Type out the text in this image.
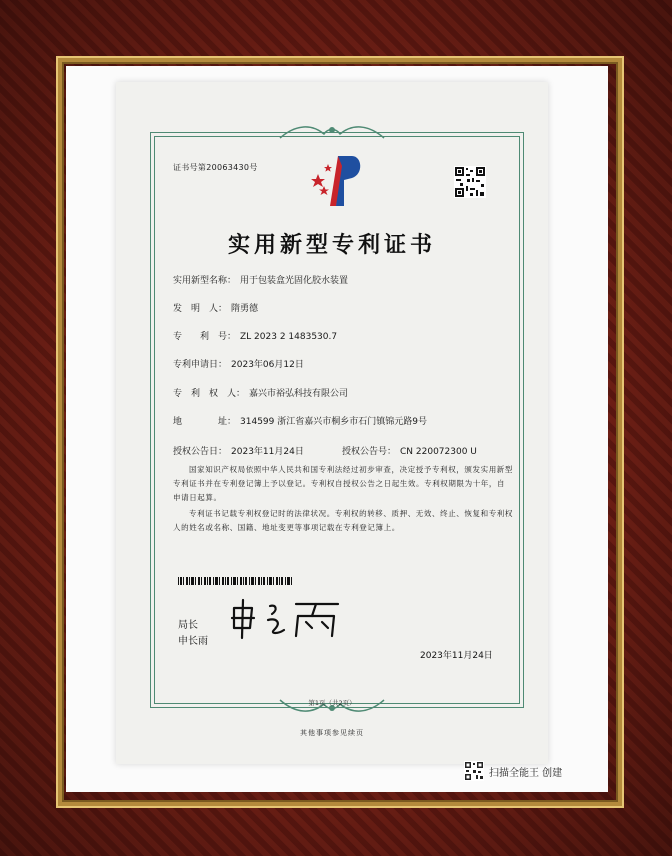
证书号第20063430号
实用新型专利证书
实用新型名称： 用于包装盒光固化胶水装置
发　明　人： 隋勇德
专　　利　号： ZL 2023 2 1483530.7
专利申请日： 2023年06月12日
专　利　权　人： 嘉兴市裕弘科技有限公司
地　　　　址： 314599 浙江省嘉兴市桐乡市石门镇锦元路9号
授权公告日： 2023年11月24日	授权公告号： CN 220072300 U
国家知识产权局依照中华人民共和国专利法经过初步审查，决定授予专利权，颁发实用新型专利证书并在专利登记簿上予以登记。专利权自授权公告之日起生效。专利权期限为十年，自申请日起算。
专利证书记载专利权登记时的法律状况。专利权的转移、质押、无效、终止、恢复和专利权人的姓名或名称、国籍、地址变更等事项记载在专利登记簿上。
局长
申长雨
2023年11月24日
第1页（共2页）
其他事项参见续页
扫描全能王 创建
